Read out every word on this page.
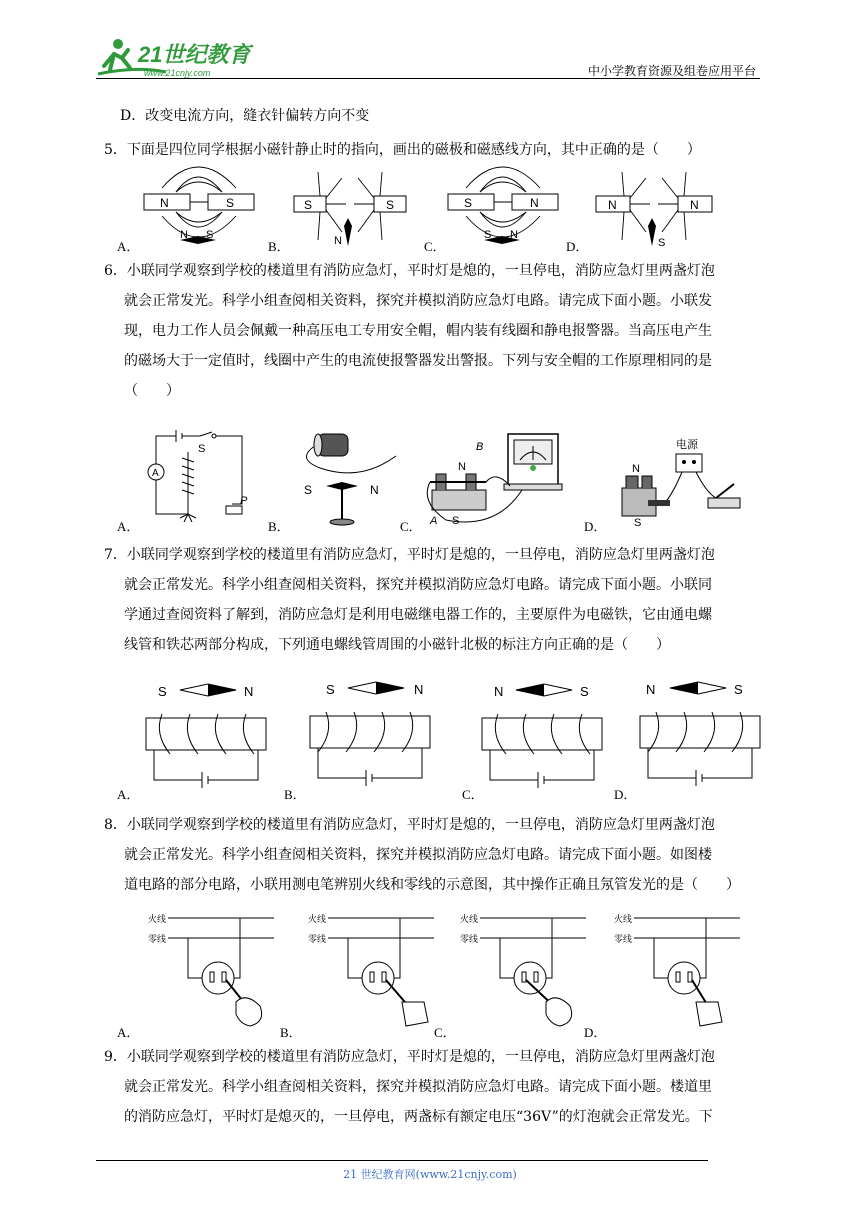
21世纪教育
www.21cnjy.com	中小学教育资源及组卷应用平台

D．改变电流方向，缝衣针偏转方向不变

5．下面是四位同学根据小磁针静止时的指向，画出的磁极和磁感线方向，其中正确的是（　　）

N	S
N S
A．
S	S
N
B．
S	N
S N
C．
N	N
S
D．

6．小联同学观察到学校的楼道里有消防应急灯，平时灯是熄的，一旦停电，消防应急灯里两盏灯泡

就会正常发光。科学小组查阅相关资料，探究并模拟消防应急灯电路。请完成下面小题。小联发

现，电力工作人员会佩戴一种高压电工专用安全帽，帽内装有线圈和静电报警器。当高压电产生

的磁场大于一定值时，线圈中产生的电流使报警器发出警报。下列与安全帽的工作原理相同的是

（　　）

A
S
P
A．
S	N
B．
N
B
A S
C．
电源
N
S
D．

7．小联同学观察到学校的楼道里有消防应急灯，平时灯是熄的，一旦停电，消防应急灯里两盏灯泡

就会正常发光。科学小组查阅相关资料，探究并模拟消防应急灯电路。请完成下面小题。小联同

学通过查阅资料了解到，消防应急灯是利用电磁继电器工作的，主要原件为电磁铁，它由通电螺

线管和铁芯两部分构成，下列通电螺线管周围的小磁针北极的标注方向正确的是（　　）

S	N
A．
S	N
B．
N	S
C．
N	S
D．

8．小联同学观察到学校的楼道里有消防应急灯，平时灯是熄的，一旦停电，消防应急灯里两盏灯泡

就会正常发光。科学小组查阅相关资料，探究并模拟消防应急灯电路。请完成下面小题。如图楼

道电路的部分电路，小联用测电笔辨别火线和零线的示意图，其中操作正确且氖管发光的是（　　）

火线
零线
A．
火线
零线
B．
火线
零线
C．
火线
零线
D．

9．小联同学观察到学校的楼道里有消防应急灯，平时灯是熄的，一旦停电，消防应急灯里两盏灯泡

就会正常发光。科学小组查阅相关资料，探究并模拟消防应急灯电路。请完成下面小题。楼道里

的消防应急灯，平时灯是熄灭的，一旦停电，两盏标有额定电压“36V”的灯泡就会正常发光。下

21 世纪教育网(www.21cnjy.com)
